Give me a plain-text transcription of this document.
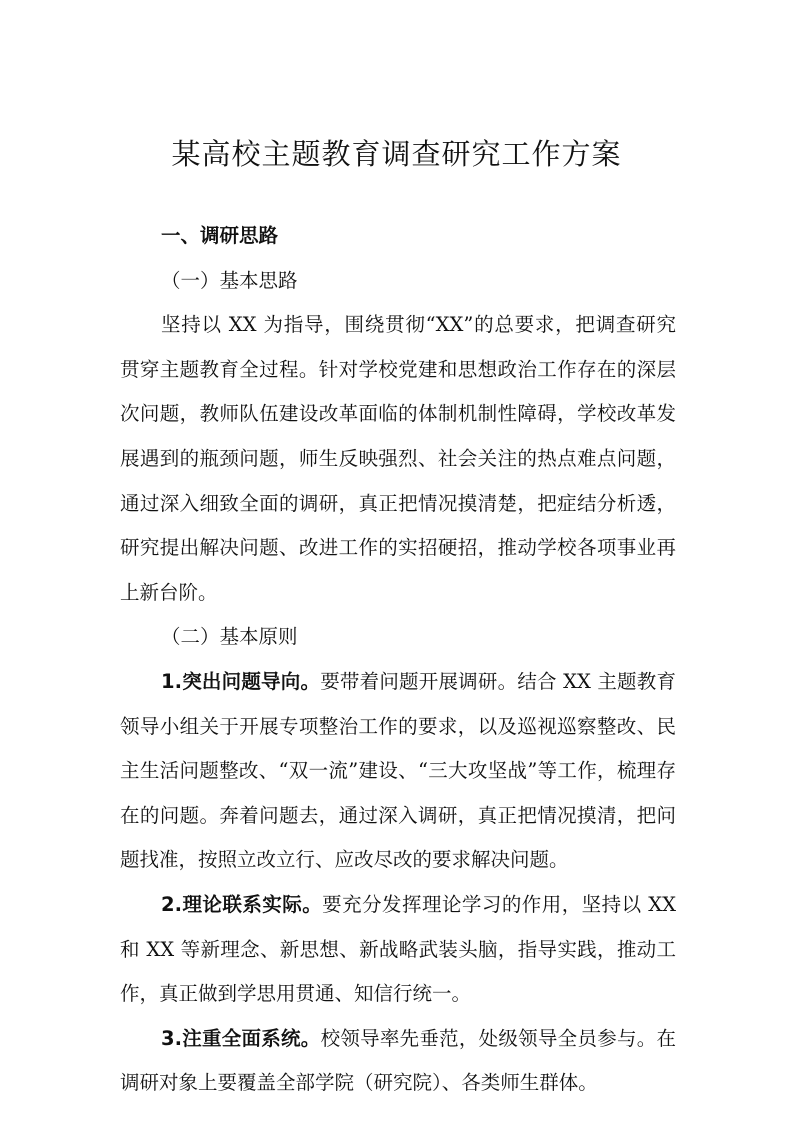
某高校主题教育调查研究工作方案
一、调研思路
（一）基本思路
坚持以 XX 为指导，围绕贯彻“XX”的总要求，把调查研究贯穿主题教育全过程。针对学校党建和思想政治工作存在的深层次问题，教师队伍建设改革面临的体制机制性障碍，学校改革发展遇到的瓶颈问题，师生反映强烈、社会关注的热点难点问题，通过深入细致全面的调研，真正把情况摸清楚，把症结分析透，研究提出解决问题、改进工作的实招硬招，推动学校各项事业再上新台阶。
（二）基本原则
1.突出问题导向。要带着问题开展调研。结合 XX 主题教育领导小组关于开展专项整治工作的要求，以及巡视巡察整改、民主生活问题整改、“双一流”建设、“三大攻坚战”等工作，梳理存在的问题。奔着问题去，通过深入调研，真正把情况摸清，把问题找准，按照立改立行、应改尽改的要求解决问题。
2.理论联系实际。要充分发挥理论学习的作用，坚持以 XX 和 XX 等新理念、新思想、新战略武装头脑，指导实践，推动工作，真正做到学思用贯通、知信行统一。
3.注重全面系统。校领导率先垂范，处级领导全员参与。在调研对象上要覆盖全部学院（研究院）、各类师生群体。
